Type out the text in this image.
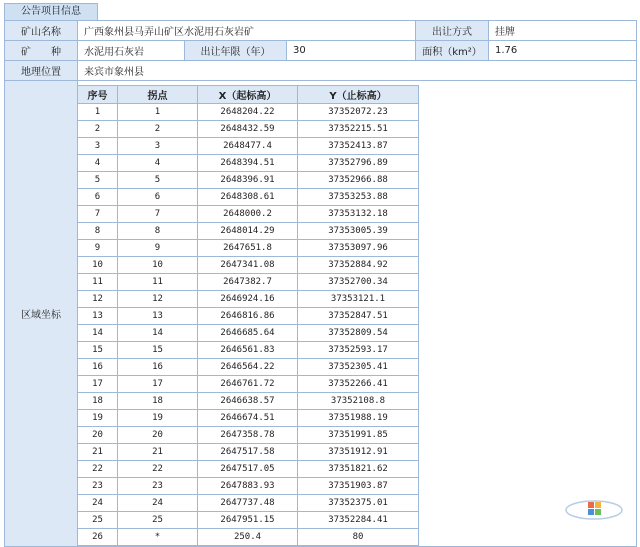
公告项目信息
矿山名称	广西象州县马弄山矿区水泥用石灰岩矿	出让方式	挂牌
矿　　种	水泥用石灰岩	出让年限（年）	30	面积（km²）	1.76
地理位置	来宾市象州县
区域坐标	
序号	拐点	X（起标高）	Y（止标高）
1	1	2648204.22	37352072.23
2	2	2648432.59	37352215.51
3	3	2648477.4	37352413.87
4	4	2648394.51	37352796.89
5	5	2648396.91	37352966.88
6	6	2648308.61	37353253.88
7	7	2648000.2	37353132.18
8	8	2648014.29	37353005.39
9	9	2647651.8	37353097.96
10	10	2647341.08	37352884.92
11	11	2647382.7	37352700.34
12	12	2646924.16	37353121.1
13	13	2646816.86	37352847.51
14	14	2646685.64	37352809.54
15	15	2646561.83	37352593.17
16	16	2646564.22	37352305.41
17	17	2646761.72	37352266.41
18	18	2646638.57	37352108.8
19	19	2646674.51	37351988.19
20	20	2647358.78	37351991.85
21	21	2647517.58	37351912.91
22	22	2647517.05	37351821.62
23	23	2647883.93	37351903.87
24	24	2647737.48	37352375.01
25	25	2647951.15	37352284.41
26	*	250.4	80
